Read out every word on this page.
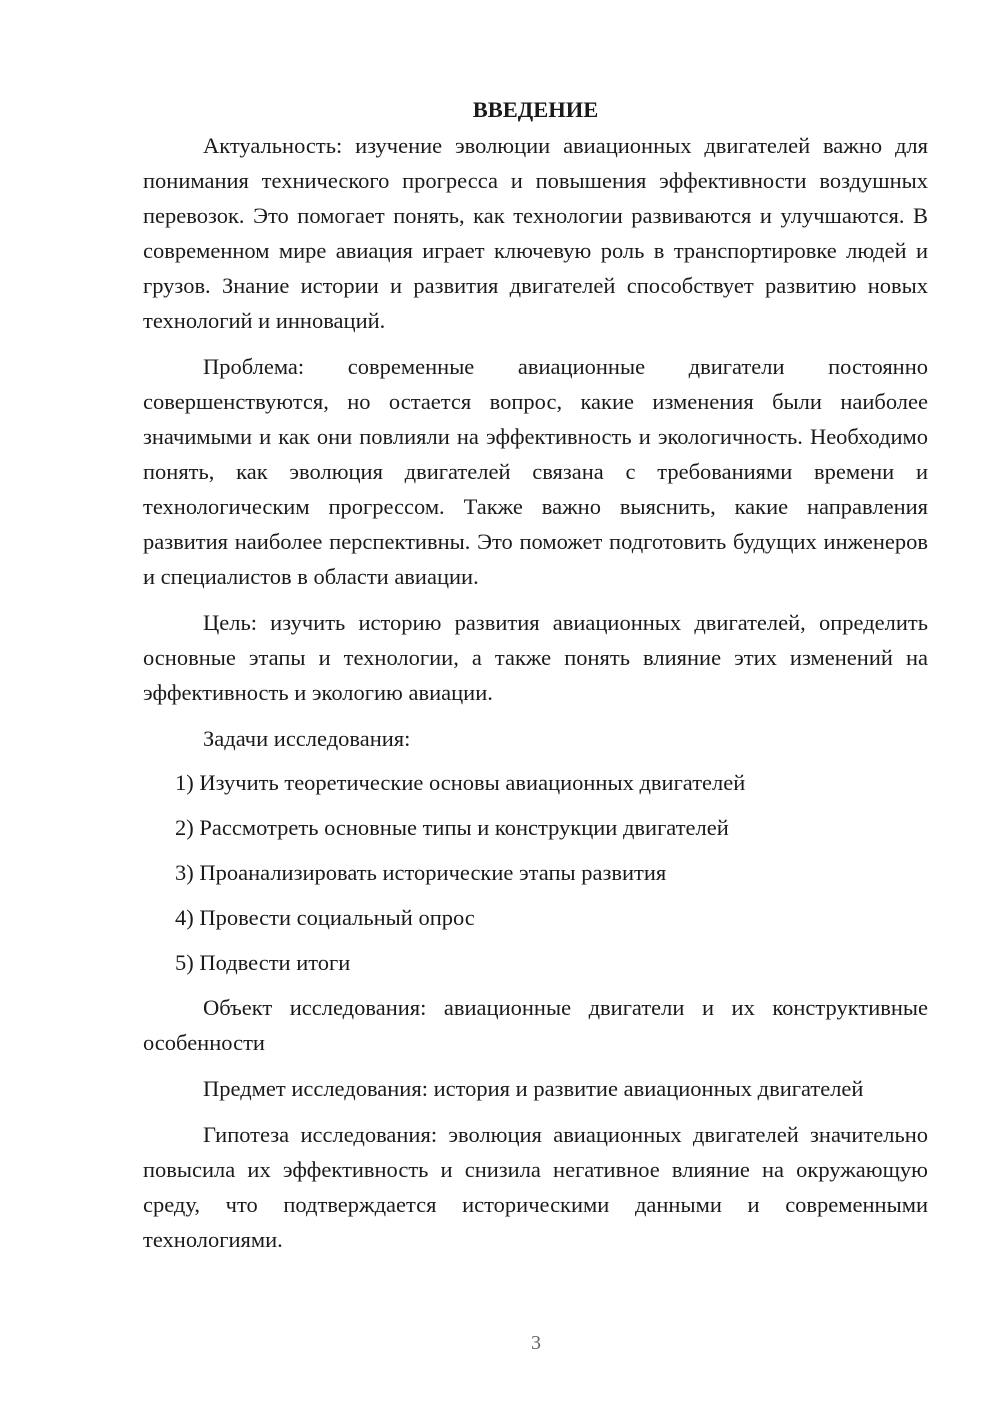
ВВЕДЕНИЕ

Актуальность: изучение эволюции авиационных двигателей важно для понимания технического прогресса и повышения эффективности воздушных перевозок. Это помогает понять, как технологии развиваются и улучшаются. В современном мире авиация играет ключевую роль в транспортировке людей и грузов. Знание истории и развития двигателей способствует развитию новых технологий и инноваций.

Проблема: современные авиационные двигатели постоянно совершенствуются, но остается вопрос, какие изменения были наиболее значимыми и как они повлияли на эффективность и экологичность. Необходимо понять, как эволюция двигателей связана с требованиями времени и технологическим прогрессом. Также важно выяснить, какие направления развития наиболее перспективны. Это поможет подготовить будущих инженеров и специалистов в области авиации.

Цель: изучить историю развития авиационных двигателей, определить основные этапы и технологии, а также понять влияние этих изменений на эффективность и экологию авиации.

Задачи исследования:
1) Изучить теоретические основы авиационных двигателей
2) Рассмотреть основные типы и конструкции двигателей
3) Проанализировать исторические этапы развития
4) Провести социальный опрос
5) Подвести итоги

Объект исследования: авиационные двигатели и их конструктивные особенности

Предмет исследования: история и развитие авиационных двигателей

Гипотеза исследования: эволюция авиационных двигателей значительно повысила их эффективность и снизила негативное влияние на окружающую среду, что подтверждается историческими данными и современными технологиями.

3
